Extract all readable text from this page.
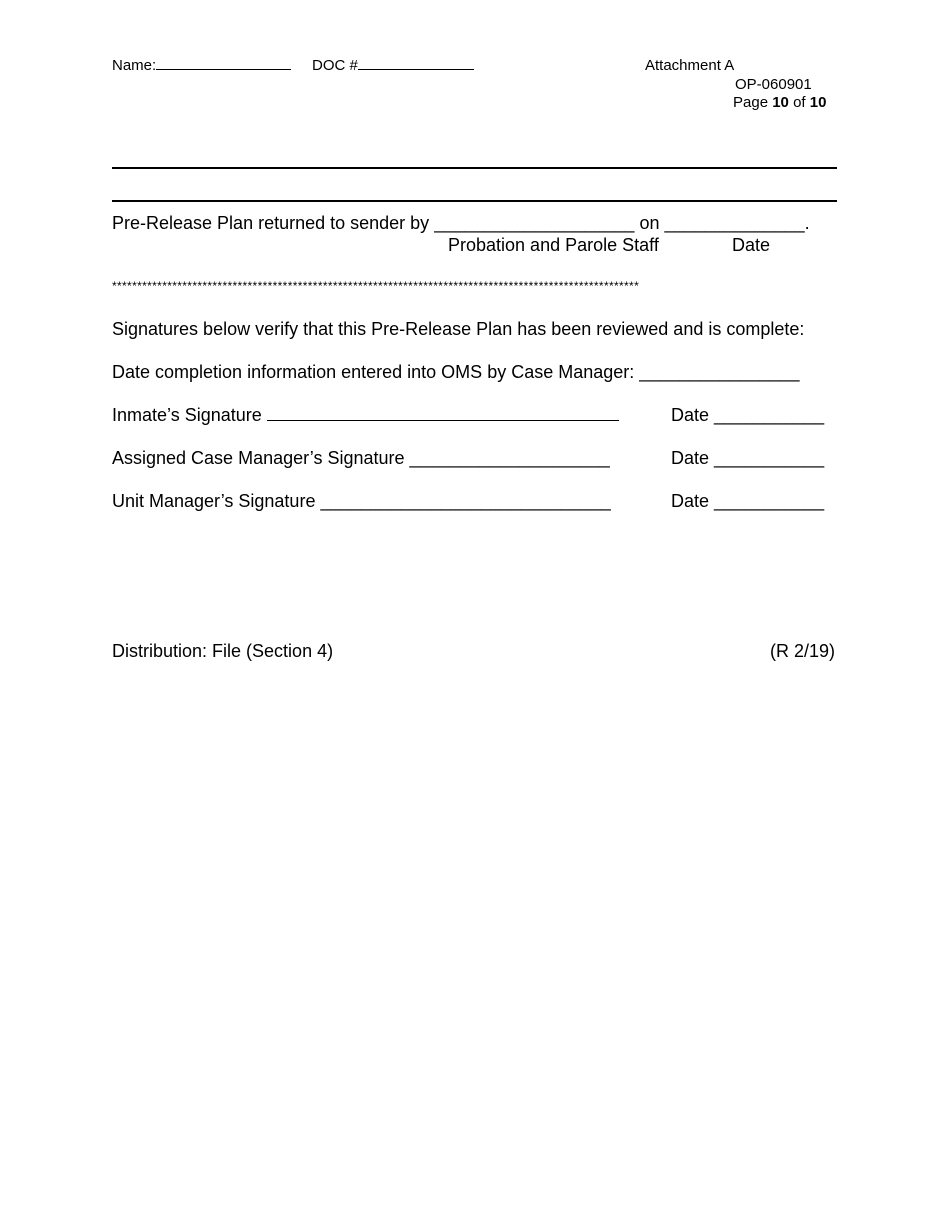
Name:	DOC #	Attachment A
OP-060901
Page 10 of 10
Pre-Release Plan returned to sender by ____________________ on ______________.
Probation and Parole Staff	Date
*********************************************************************************************************
Signatures below verify that this Pre-Release Plan has been reviewed and is complete:
Date completion information entered into OMS by Case Manager: ________________
Inmate’s Signature	Date ___________
Assigned Case Manager’s Signature ____________________	Date ___________
Unit Manager’s Signature _____________________________	Date ___________
Distribution: File (Section 4)	(R 2/19)
